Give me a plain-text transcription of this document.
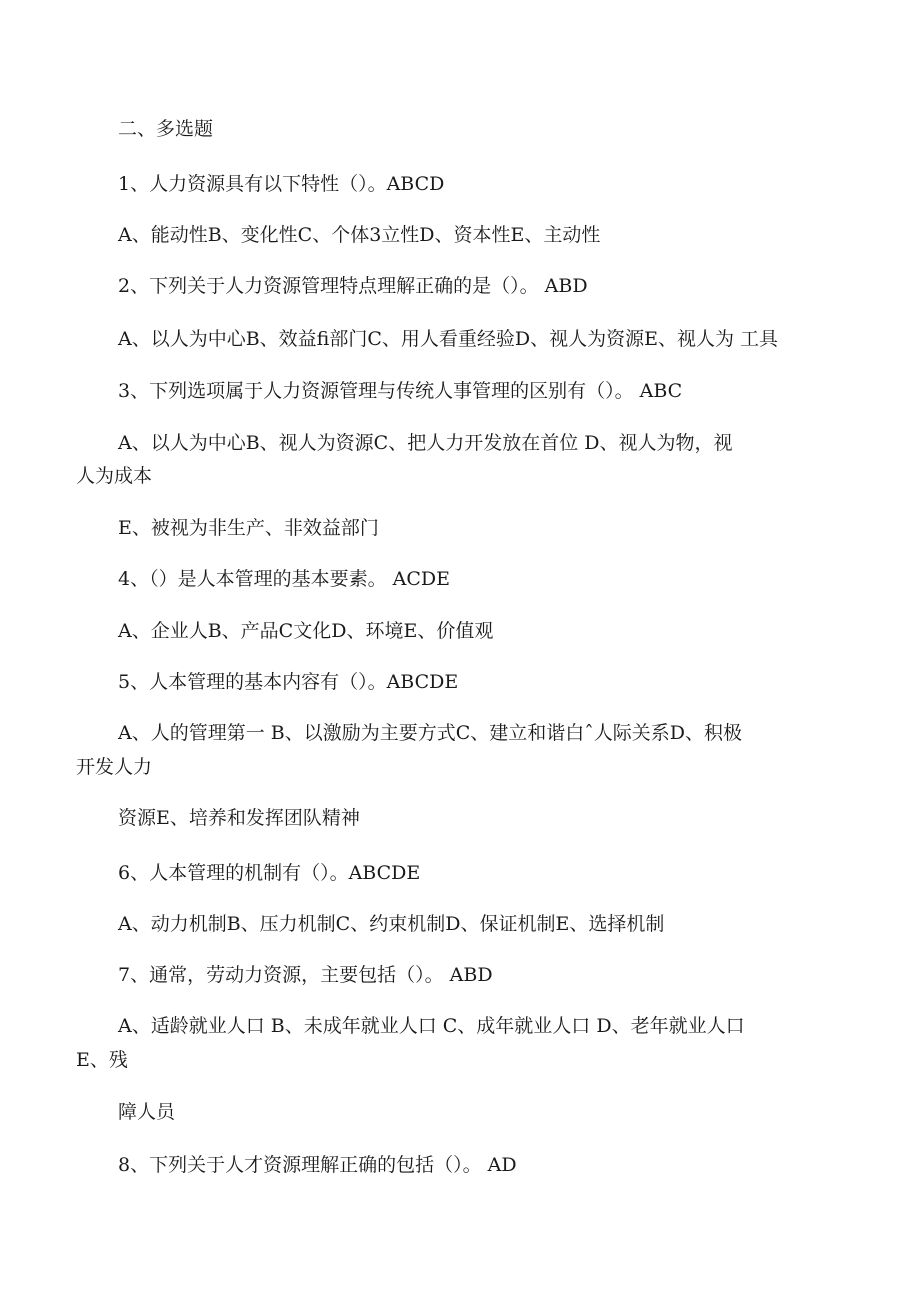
二、多选题
1、人力资源具有以下特性（）。ABCD
A、能动性B、变化性C、个体3立性D、资本性E、主动性
2、下列关于人力资源管理特点理解正确的是（）。 ABD
A、以人为中心B、效益fi部门C、用人看重经验D、视人为资源E、视人为 工具
3、下列选项属于人力资源管理与传统人事管理的区别有（）。 ABC
A、以人为中心B、视人为资源C、把人力开发放在首位 D、视人为物，视
人为成本
E、被视为非生产、非效益部门
4、（）是人本管理的基本要素。 ACDE
A、企业人B、产品C文化D、环境E、价值观
5、人本管理的基本内容有（）。ABCDE
A、人的管理第一 B、以激励为主要方式C、建立和谐白ˆ人际关系D、积极
开发人力
资源E、培养和发挥团队精神
6、人本管理的机制有（）。ABCDE
A、动力机制B、压力机制C、约束机制D、保证机制E、选择机制
7、通常，劳动力资源，主要包括（）。 ABD
A、适龄就业人口 B、未成年就业人口 C、成年就业人口 D、老年就业人口
E、残
障人员
8、下列关于人才资源理解正确的包括（）。 AD
